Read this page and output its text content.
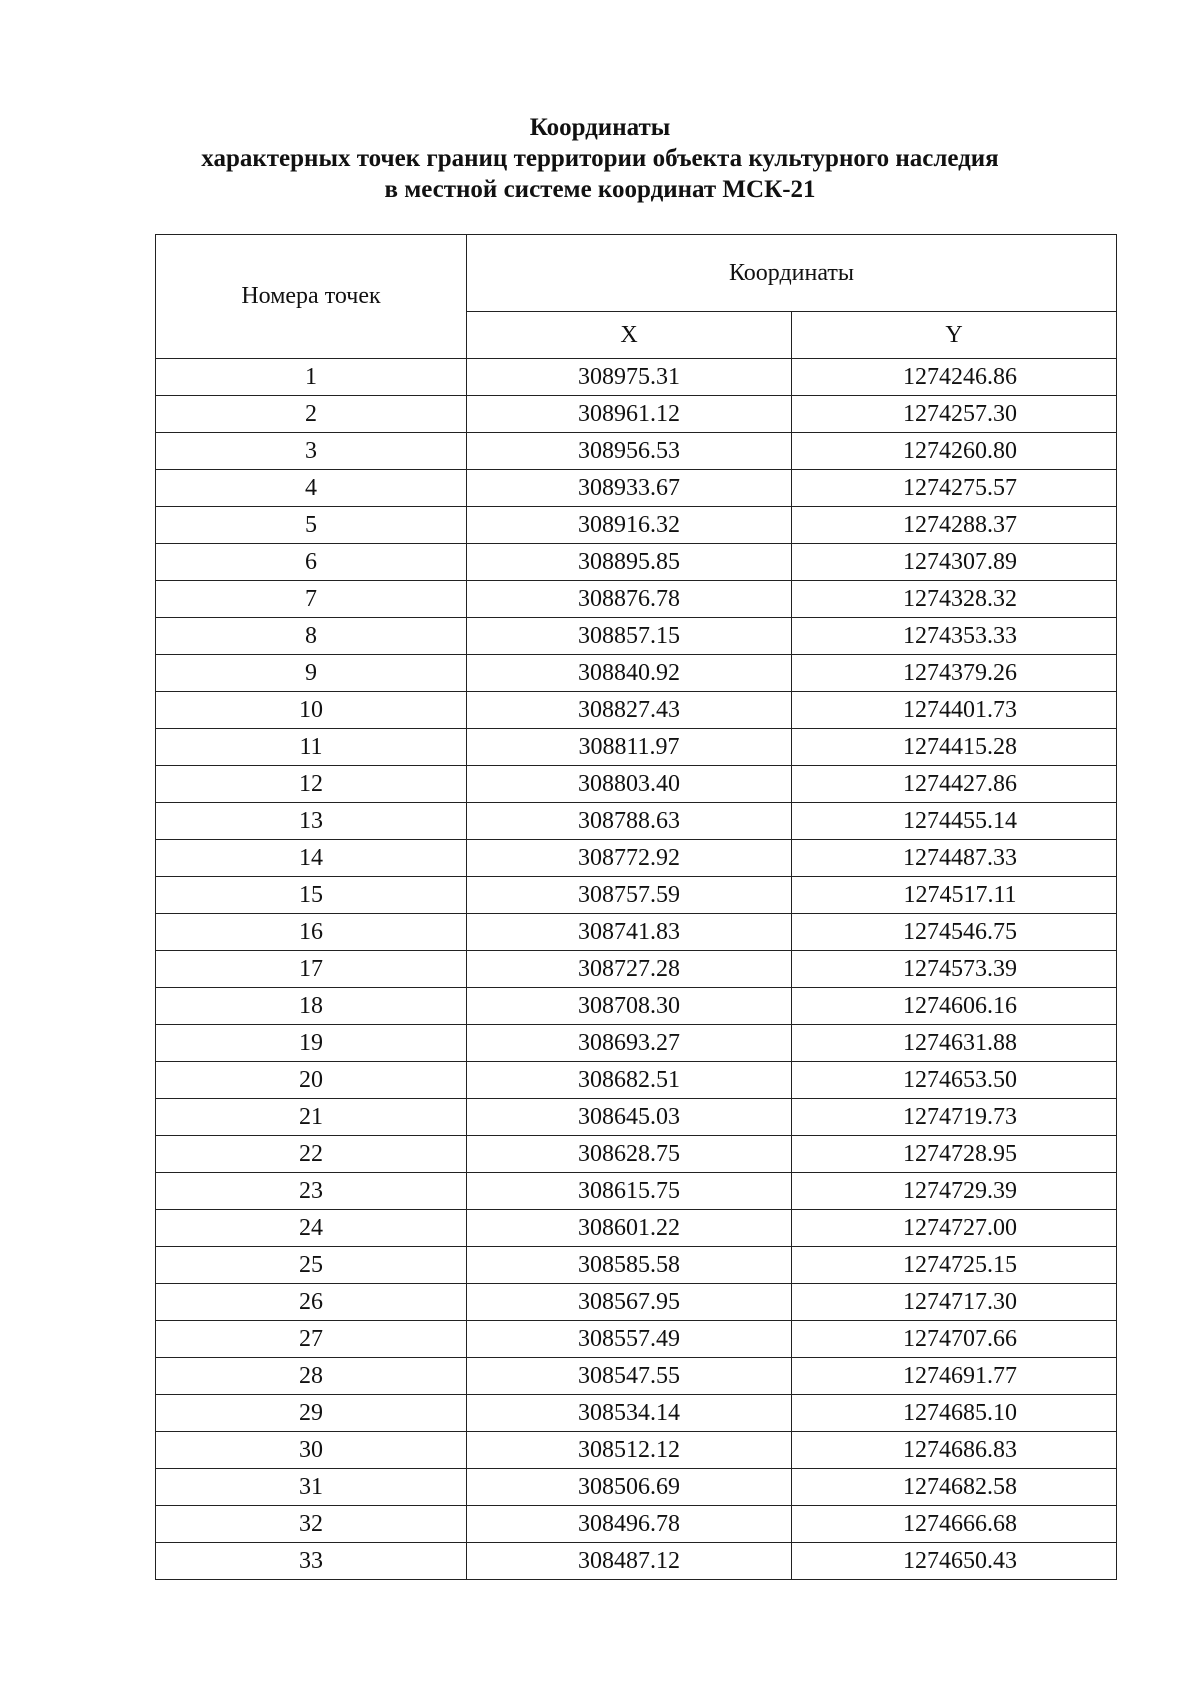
Координаты
характерных точек границ территории объекта культурного наследия
в местной системе координат МСК-21
Номера точек	Координаты	
	X	Y
1	308975.31	1274246.86
2	308961.12	1274257.30
3	308956.53	1274260.80
4	308933.67	1274275.57
5	308916.32	1274288.37
6	308895.85	1274307.89
7	308876.78	1274328.32
8	308857.15	1274353.33
9	308840.92	1274379.26
10	308827.43	1274401.73
11	308811.97	1274415.28
12	308803.40	1274427.86
13	308788.63	1274455.14
14	308772.92	1274487.33
15	308757.59	1274517.11
16	308741.83	1274546.75
17	308727.28	1274573.39
18	308708.30	1274606.16
19	308693.27	1274631.88
20	308682.51	1274653.50
21	308645.03	1274719.73
22	308628.75	1274728.95
23	308615.75	1274729.39
24	308601.22	1274727.00
25	308585.58	1274725.15
26	308567.95	1274717.30
27	308557.49	1274707.66
28	308547.55	1274691.77
29	308534.14	1274685.10
30	308512.12	1274686.83
31	308506.69	1274682.58
32	308496.78	1274666.68
33	308487.12	1274650.43
